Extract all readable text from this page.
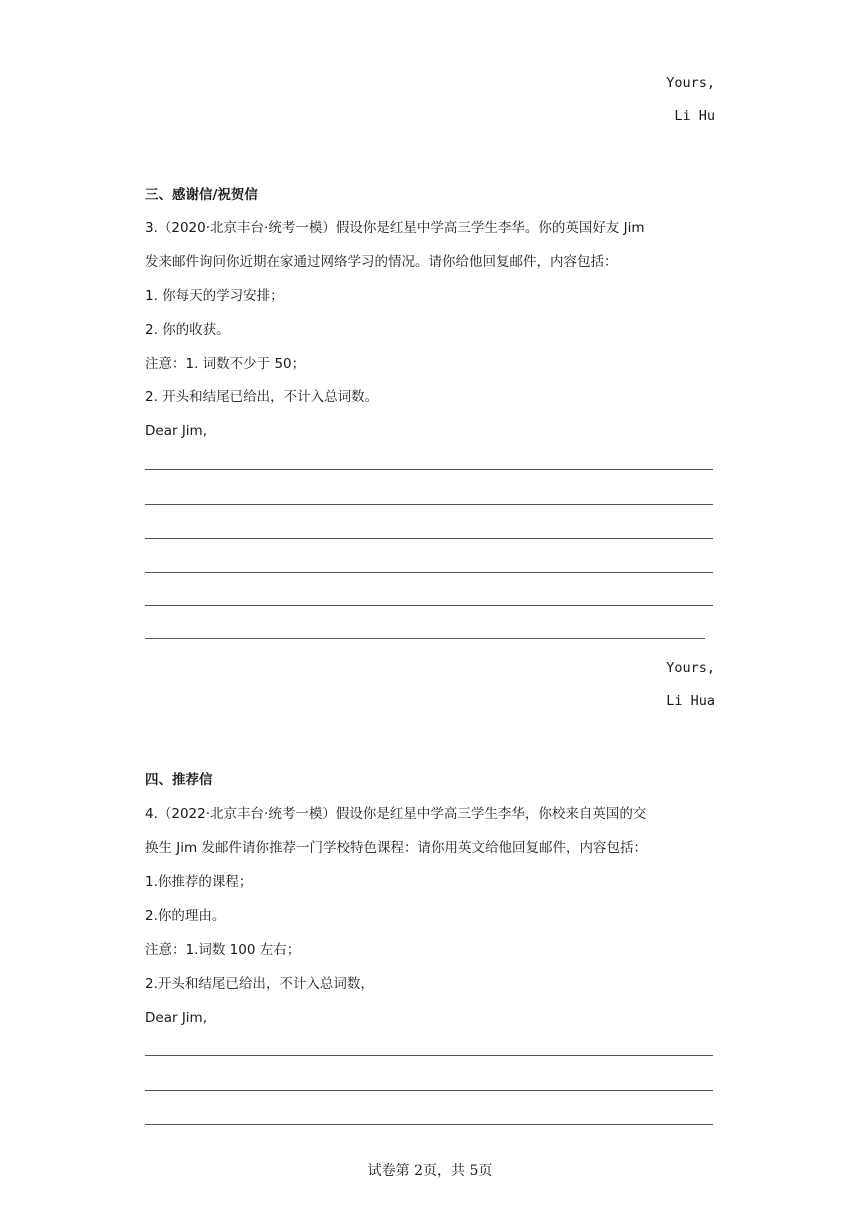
Yours,
Li Hu
三、感谢信/祝贺信
3.（2020·北京丰台·统考一模）假设你是红星中学高三学生李华。你的英国好友 Jim
发来邮件询问你近期在家通过网络学习的情况。请你给他回复邮件，内容包括：
1. 你每天的学习安排；
2. 你的收获。
注意：1. 词数不少于 50；
2. 开头和结尾已给出，不计入总词数。
Dear Jim,
Yours,
Li Hua
四、推荐信
4.（2022·北京丰台·统考一模）假设你是红星中学高三学生李华，你校来自英国的交
换生 Jim 发邮件请你推荐一门学校特色课程：请你用英文给他回复邮件，内容包括：
1.你推荐的课程；
2.你的理由。
注意：1.词数 100 左右；
2.开头和结尾已给出，不计入总词数，
Dear Jim,
试卷第 2页，共 5页
